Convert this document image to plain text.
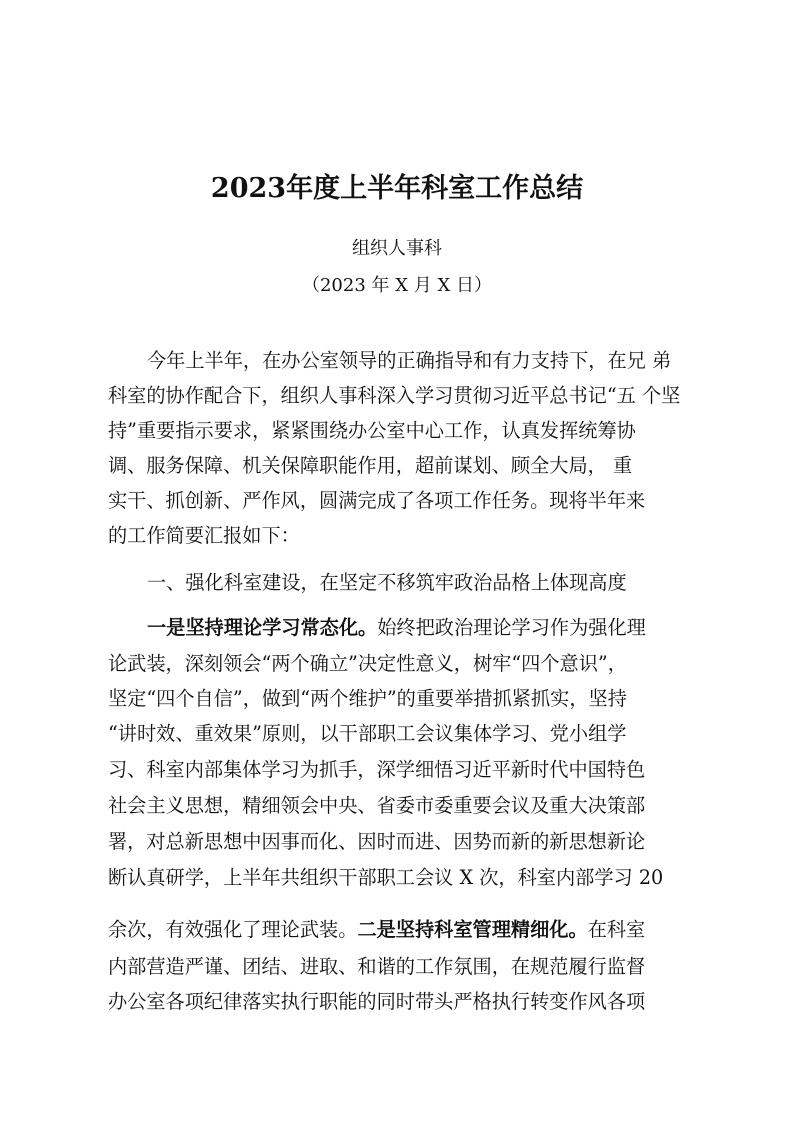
2023年度上半年科室工作总结

组织人事科

（2023 年 X 月 X 日）

今年上半年，在办公室领导的正确指导和有力支持下，在兄 弟

科室的协作配合下，组织人事科深入学习贯彻习近平总书记“五 个坚

持”重要指示要求，紧紧围绕办公室中心工作，认真发挥统筹协

调、服务保障、机关保障职能作用，超前谋划、顾全大局， 重

实干、抓创新、严作风，圆满完成了各项工作任务。现将半年来

的工作简要汇报如下：

一、强化科室建设，在坚定不移筑牢政治品格上体现高度

一是坚持理论学习常态化。始终把政治理论学习作为强化理

论武装，深刻领会“两个确立”决定性意义，树牢“四个意识”，

坚定“四个自信”，做到“两个维护”的重要举措抓紧抓实，坚持

“讲时效、重效果”原则，以干部职工会议集体学习、党小组学

习、科室内部集体学习为抓手，深学细悟习近平新时代中国特色

社会主义思想，精细领会中央、省委市委重要会议及重大决策部

署，对总新思想中因事而化、因时而进、因势而新的新思想新论

断认真研学，上半年共组织干部职工会议 X 次，科室内部学习 20

余次，有效强化了理论武装。二是坚持科室管理精细化。在科室

内部营造严谨、团结、进取、和谐的工作氛围，在规范履行监督

办公室各项纪律落实执行职能的同时带头严格执行转变作风各项
